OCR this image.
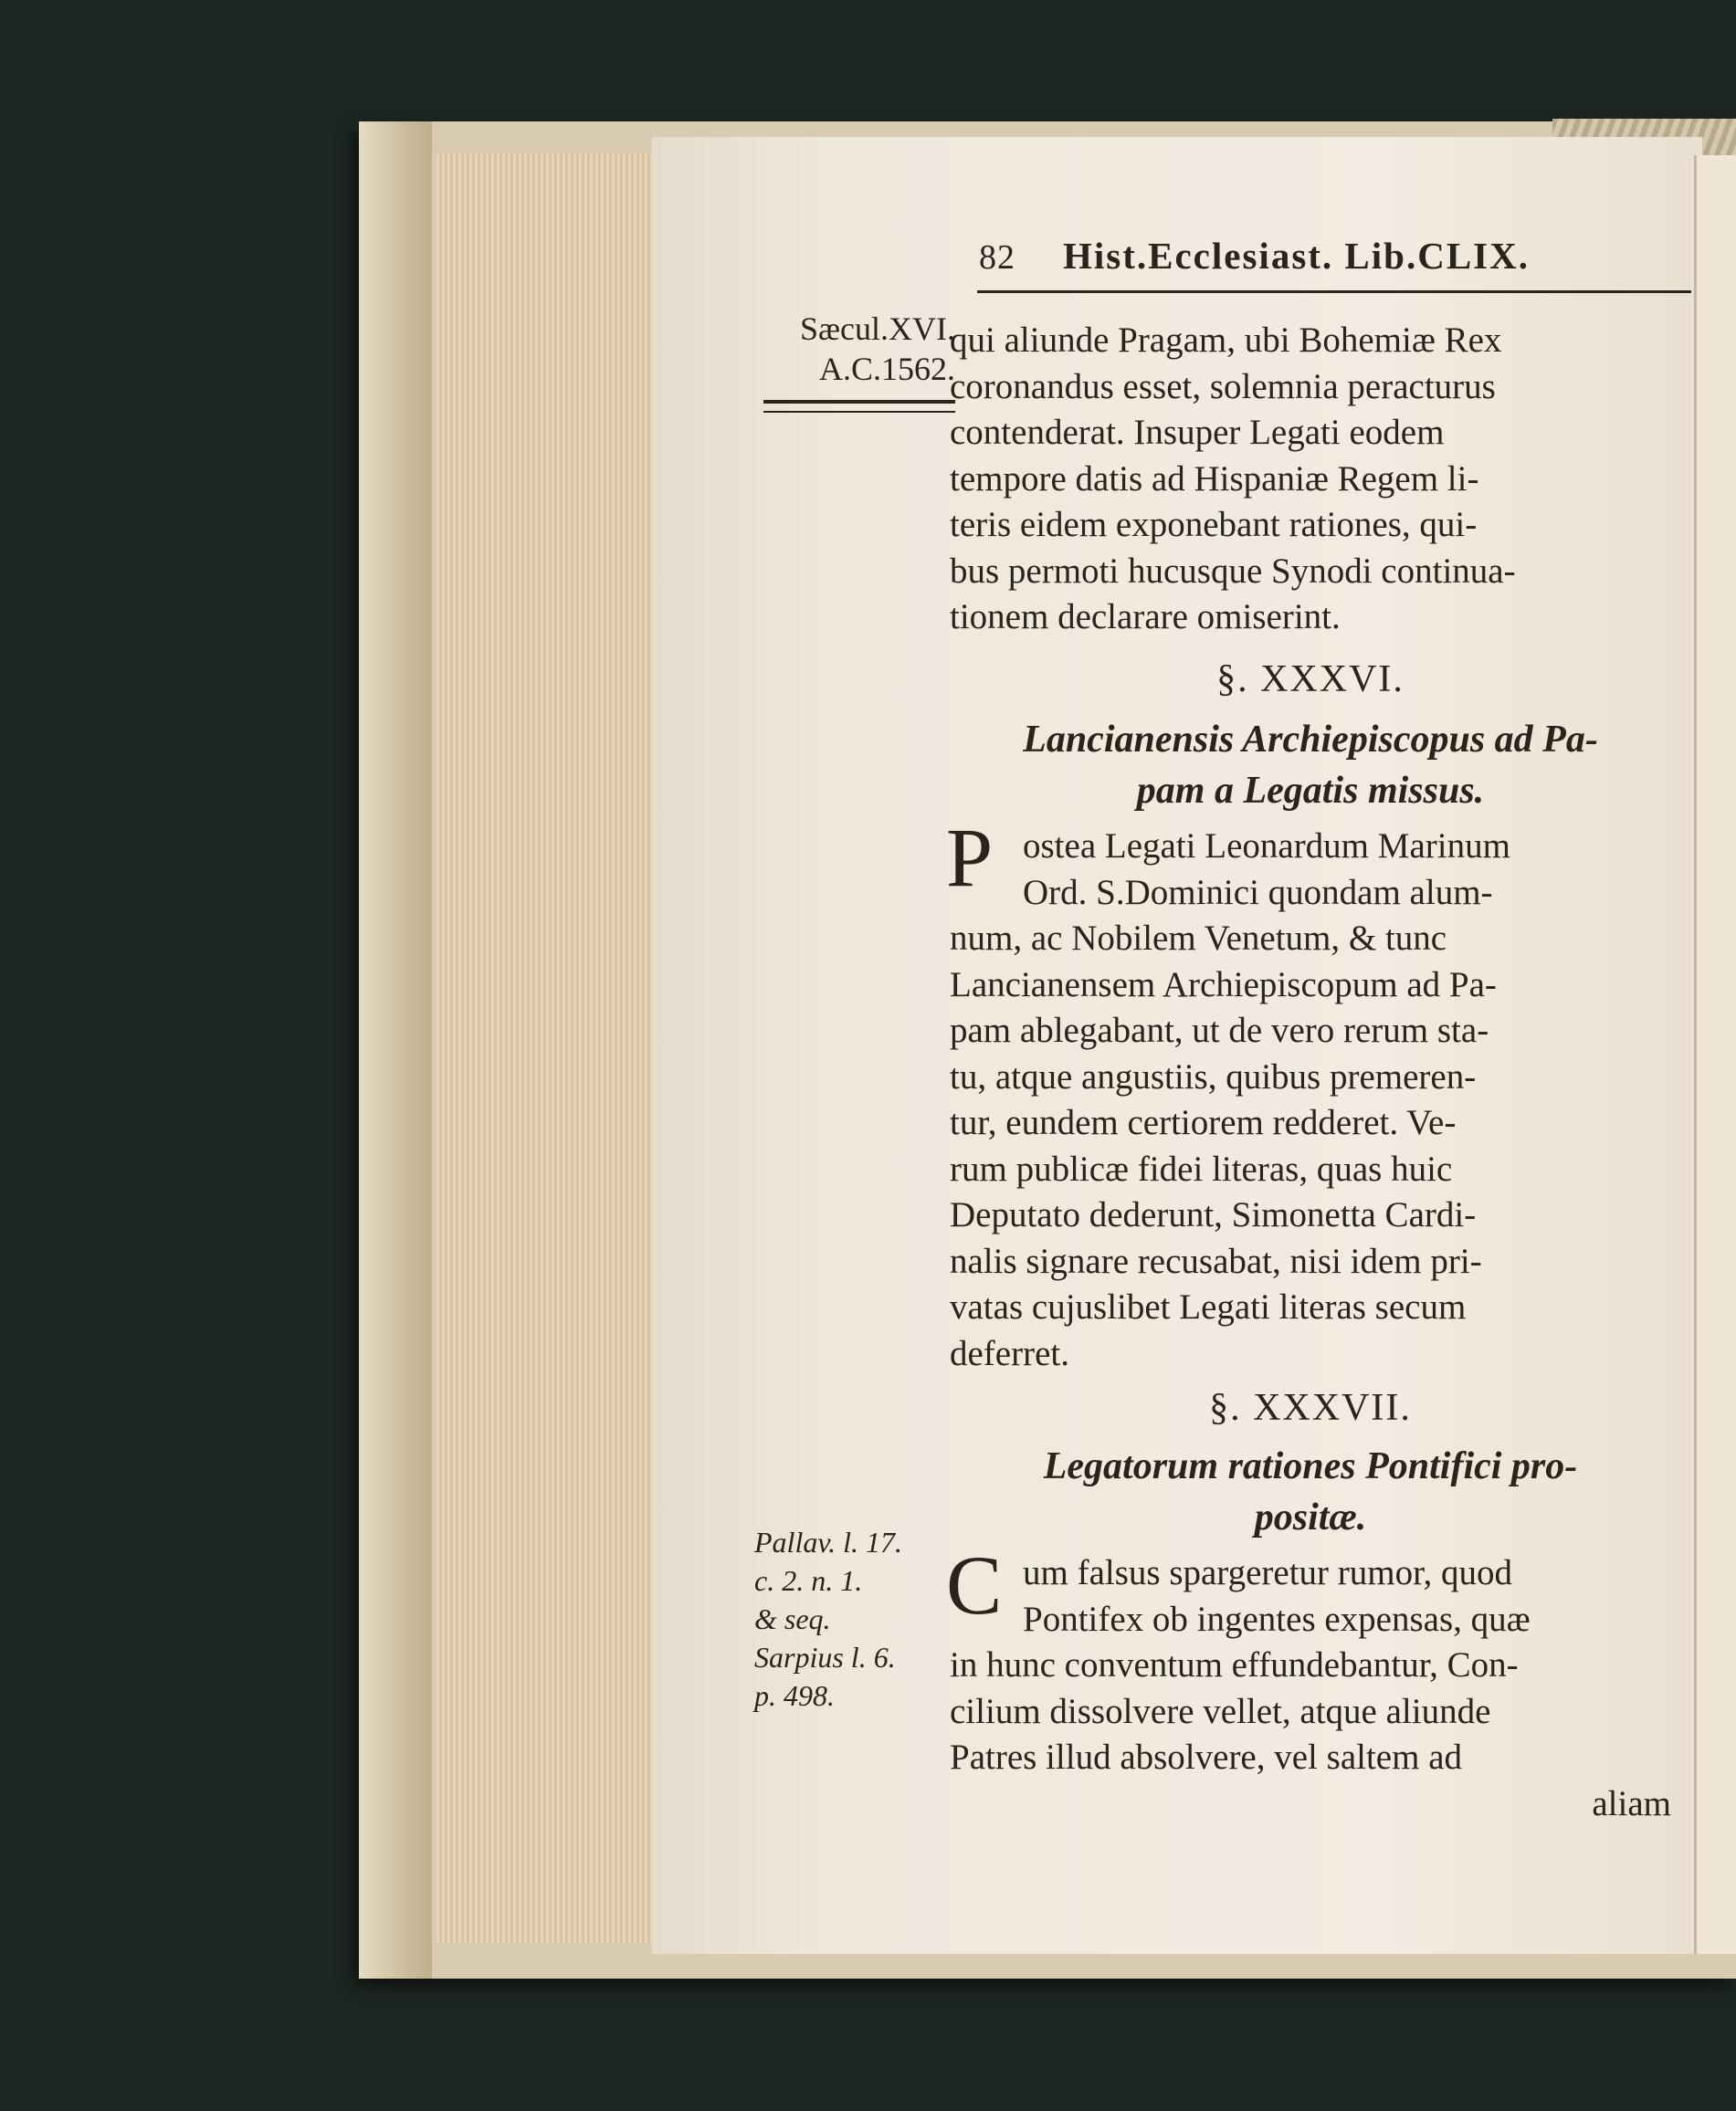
82 Hist.Ecclesiast. Lib.CLIX.
Sæcul.XVI.
A.C.1562.
qui aliunde Pragam, ubi Bohemiæ Rex
coronandus esset, solemnia peracturus
contenderat. Insuper Legati eodem
tempore datis ad Hispaniæ Regem li-
teris eidem exponebant rationes, qui-
bus permoti hucusque Synodi continua-
tionem declarare omiserint.
§. XXXVI.
Lancianensis Archiepiscopus ad Pa-
pam a Legatis missus.
P ostea Legati Leonardum Marinum
Ord. S.Dominici quondam alum-
num, ac Nobilem Venetum, & tunc
Lancianensem Archiepiscopum ad Pa-
pam ablegabant, ut de vero rerum sta-
tu, atque angustiis, quibus premeren-
tur, eundem certiorem redderet. Ve-
rum publicæ fidei literas, quas huic
Deputato dederunt, Simonetta Cardi-
nalis signare recusabat, nisi idem pri-
vatas cujuslibet Legati literas secum
deferret.
§. XXXVII.
Legatorum rationes Pontifici pro-
positæ.
Pallav. l. 17.
c. 2. n. 1.
& seq.
Sarpius l. 6.
p. 498.
C um falsus spargeretur rumor, quod
Pontifex ob ingentes expensas, quæ
in hunc conventum effundebantur, Con-
cilium dissolvere vellet, atque aliunde
Patres illud absolvere, vel saltem ad
aliam
